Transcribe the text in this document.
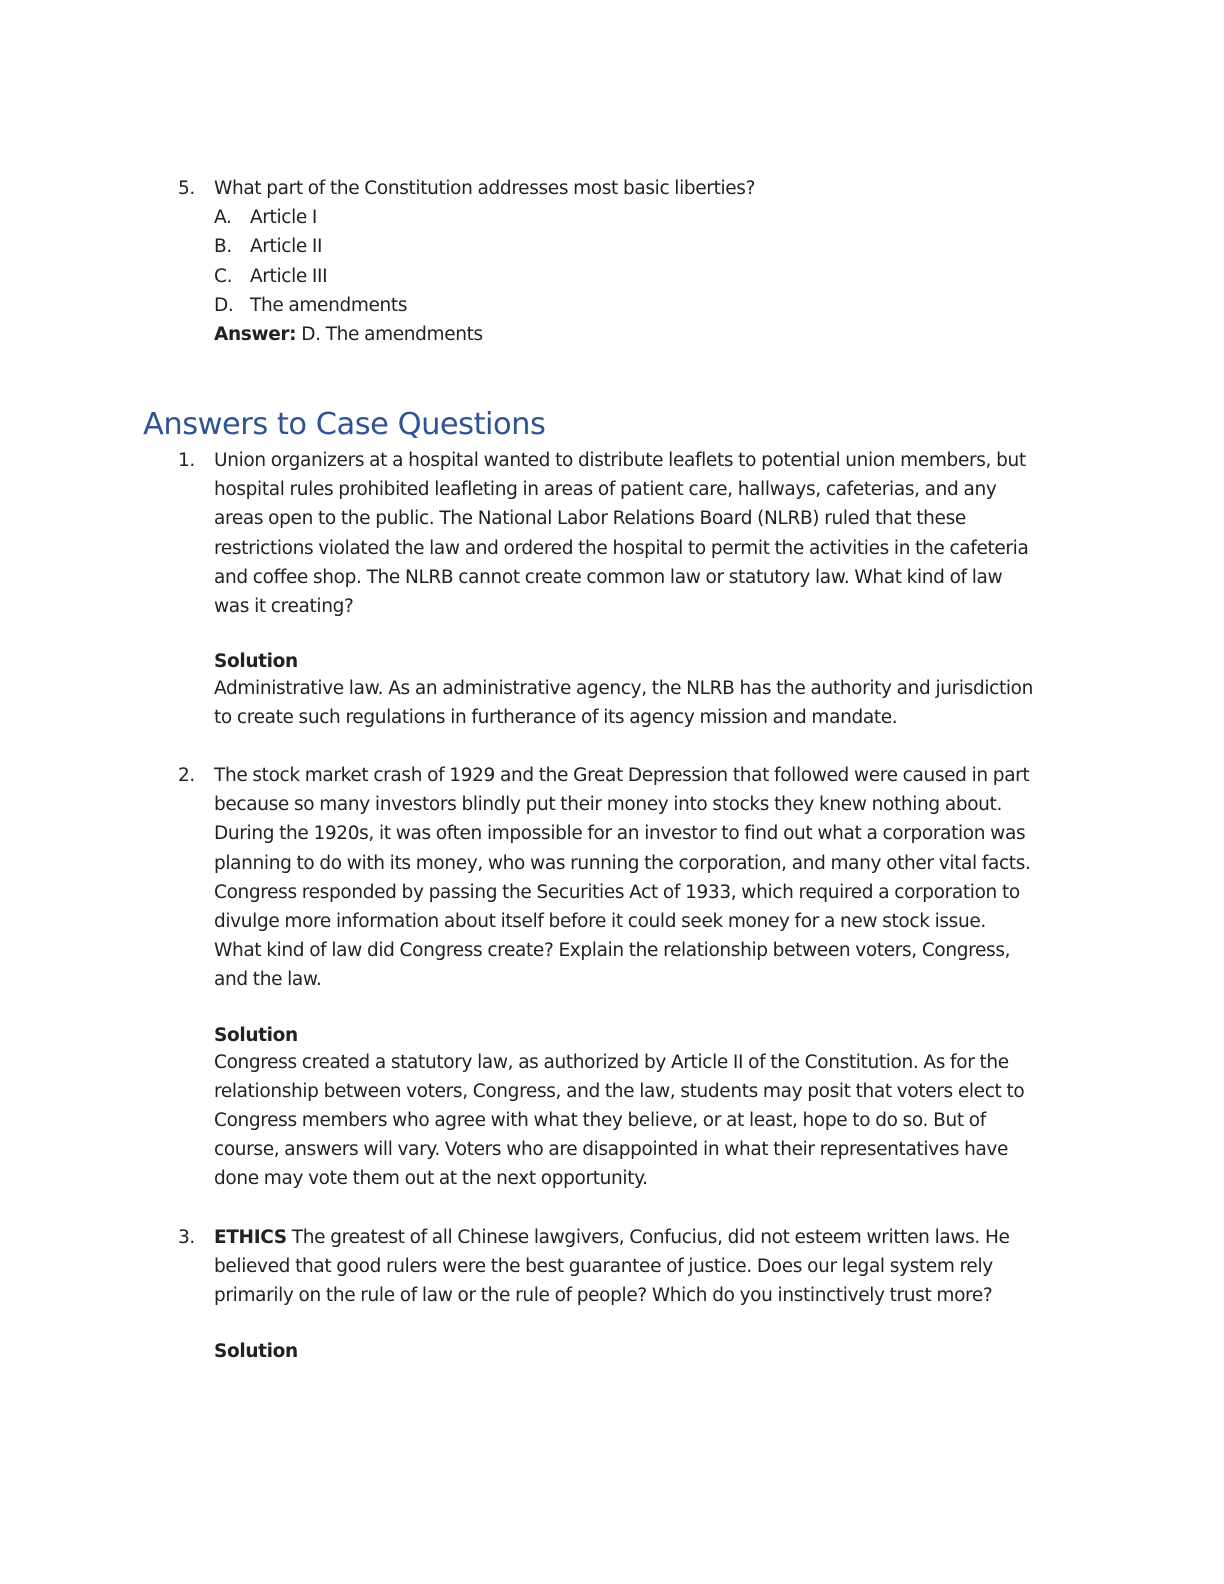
5. What part of the Constitution addresses most basic liberties?
A. Article I
B. Article II
C. Article III
D. The amendments
Answer: D. The amendments
Answers to Case Questions
1. Union organizers at a hospital wanted to distribute leaflets to potential union members, but
hospital rules prohibited leafleting in areas of patient care, hallways, cafeterias, and any
areas open to the public. The National Labor Relations Board (NLRB) ruled that these
restrictions violated the law and ordered the hospital to permit the activities in the cafeteria
and coffee shop. The NLRB cannot create common law or statutory law. What kind of law
was it creating?
Solution
Administrative law. As an administrative agency, the NLRB has the authority and jurisdiction
to create such regulations in furtherance of its agency mission and mandate.
2. The stock market crash of 1929 and the Great Depression that followed were caused in part
because so many investors blindly put their money into stocks they knew nothing about.
During the 1920s, it was often impossible for an investor to find out what a corporation was
planning to do with its money, who was running the corporation, and many other vital facts.
Congress responded by passing the Securities Act of 1933, which required a corporation to
divulge more information about itself before it could seek money for a new stock issue.
What kind of law did Congress create? Explain the relationship between voters, Congress,
and the law.
Solution
Congress created a statutory law, as authorized by Article II of the Constitution. As for the
relationship between voters, Congress, and the law, students may posit that voters elect to
Congress members who agree with what they believe, or at least, hope to do so. But of
course, answers will vary. Voters who are disappointed in what their representatives have
done may vote them out at the next opportunity.
3. ETHICS The greatest of all Chinese lawgivers, Confucius, did not esteem written laws. He
believed that good rulers were the best guarantee of justice. Does our legal system rely
primarily on the rule of law or the rule of people? Which do you instinctively trust more?
Solution
